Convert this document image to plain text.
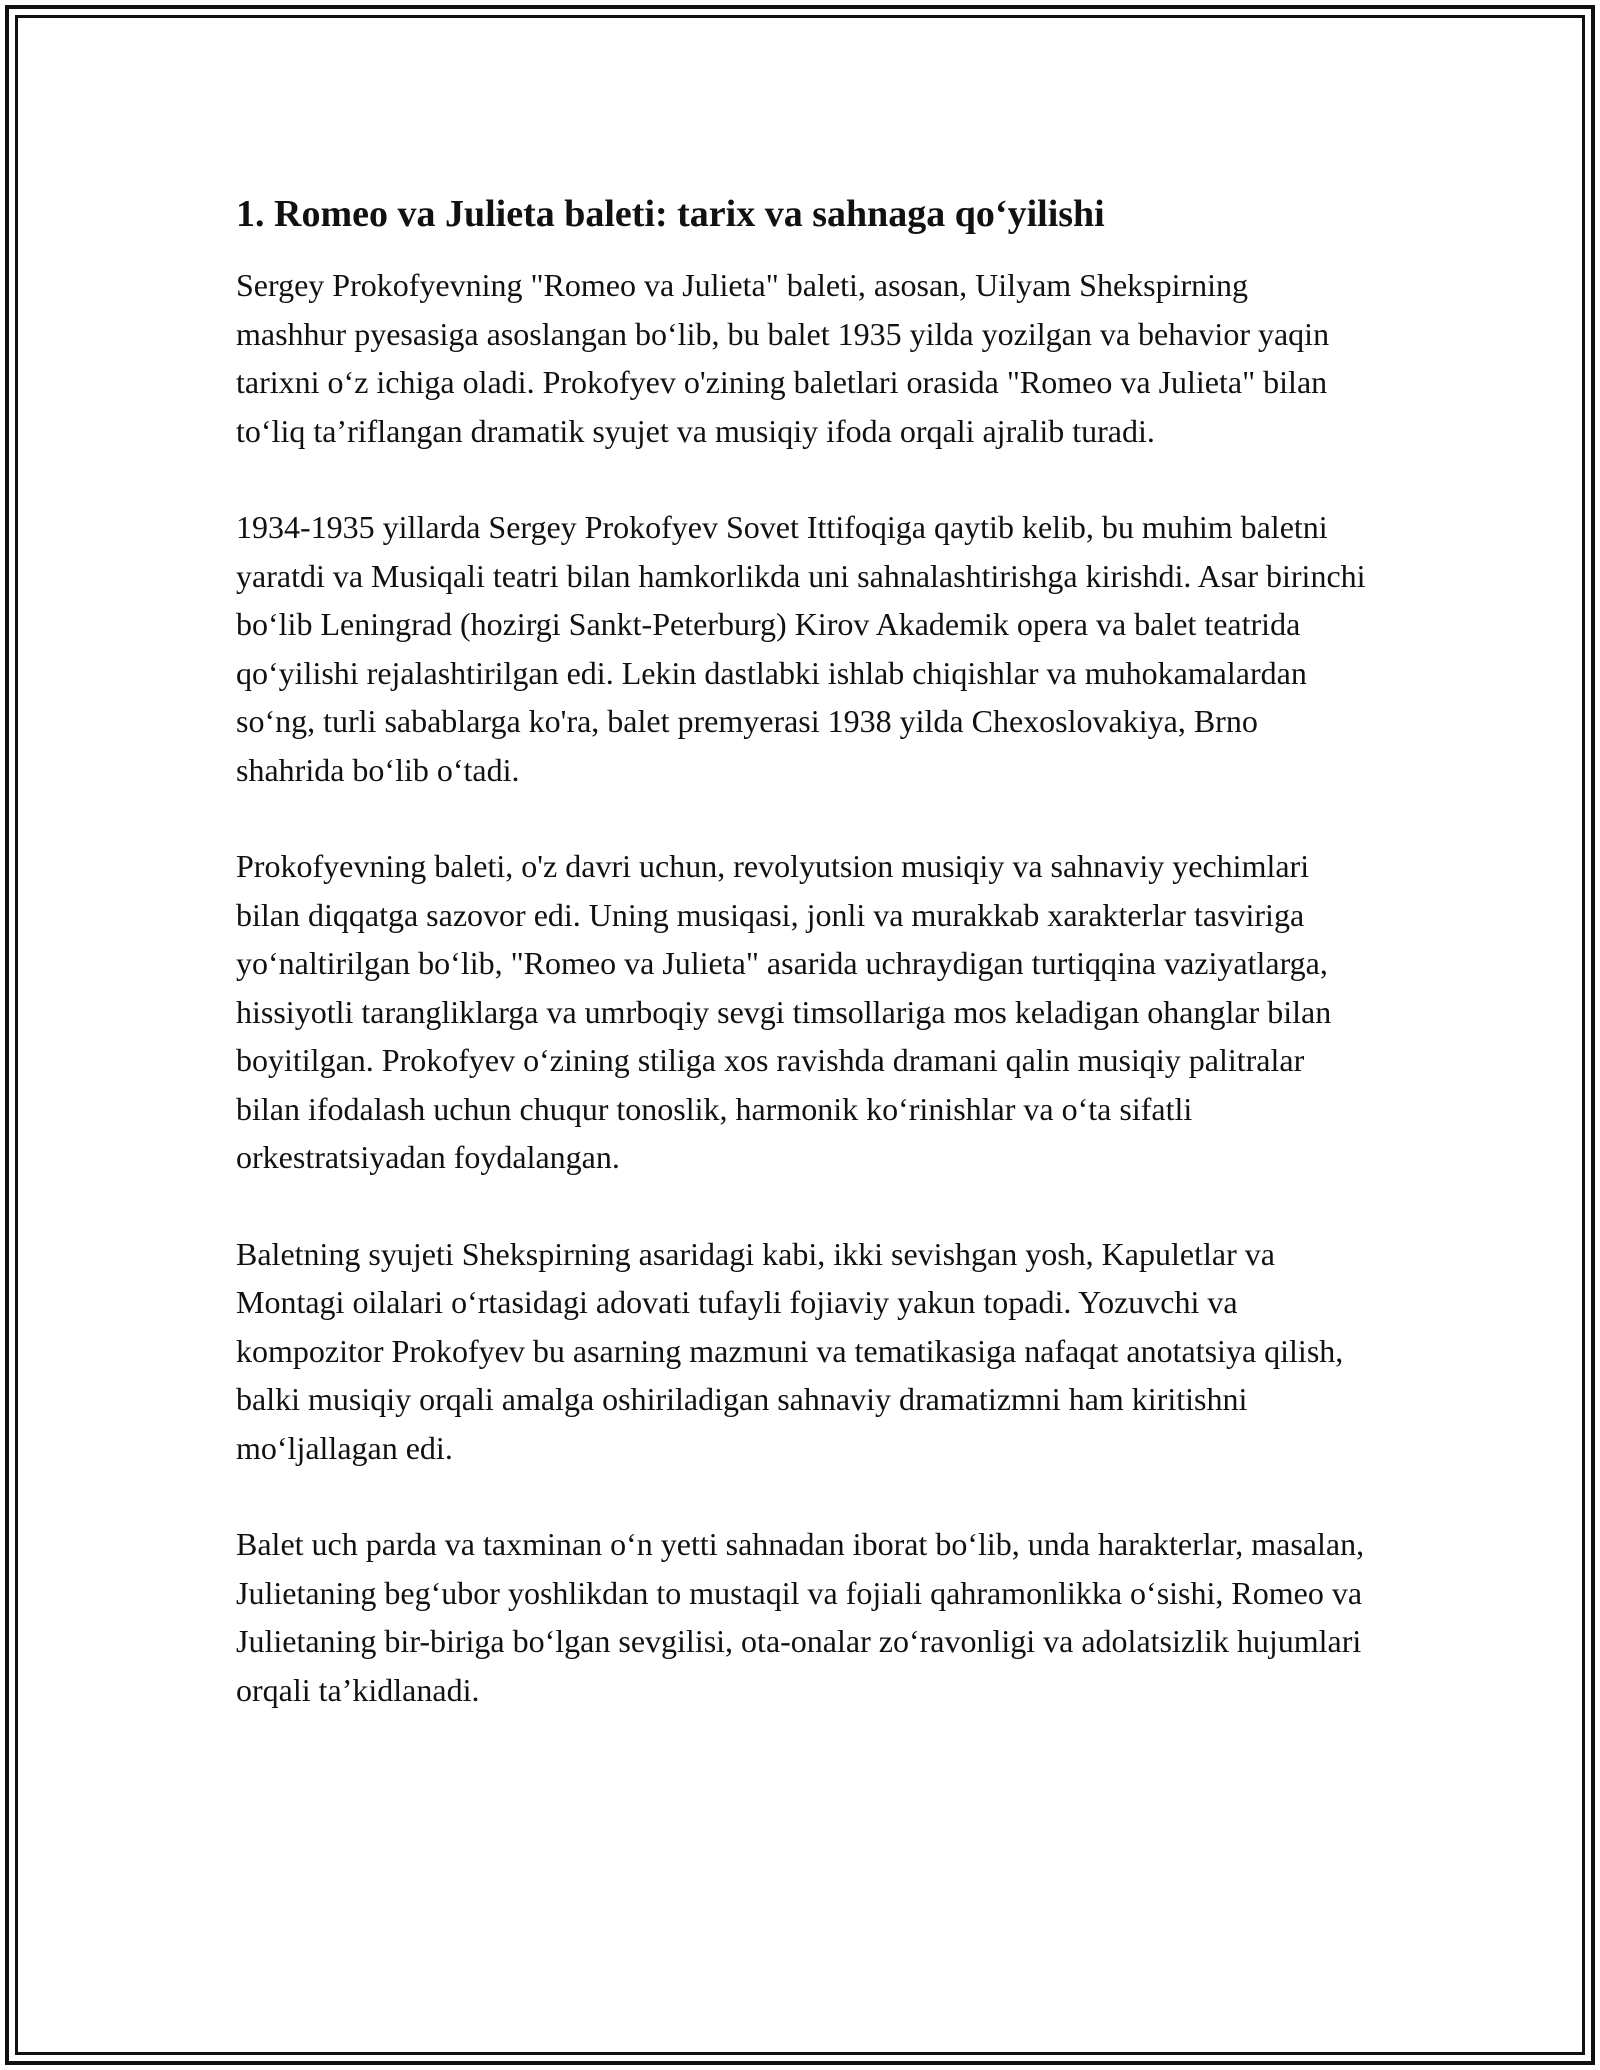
1. Romeo va Julieta baleti: tarix va sahnaga qo‘yilishi

Sergey Prokofyevning "Romeo va Julieta" baleti, asosan, Uilyam Shekspirning mashhur pyesasiga asoslangan bo‘lib, bu balet 1935 yilda yozilgan va behavior yaqin tarixni o‘z ichiga oladi. Prokofyev o'zining baletlari orasida "Romeo va Julieta" bilan to‘liq ta’riflangan dramatik syujet va musiqiy ifoda orqali ajralib turadi.

1934-1935 yillarda Sergey Prokofyev Sovet Ittifoqiga qaytib kelib, bu muhim baletni yaratdi va Musiqali teatri bilan hamkorlikda uni sahnalashtirishga kirishdi. Asar birinchi bo‘lib Leningrad (hozirgi Sankt-Peterburg) Kirov Akademik opera va balet teatrida qo‘yilishi rejalashtirilgan edi. Lekin dastlabki ishlab chiqishlar va muhokamalardan so‘ng, turli sabablarga ko'ra, balet premyerasi 1938 yilda Chexoslovakiya, Brno shahrida bo‘lib o‘tadi.

Prokofyevning baleti, o'z davri uchun, revolyutsion musiqiy va sahnaviy yechimlari bilan diqqatga sazovor edi. Uning musiqasi, jonli va murakkab xarakterlar tasviriga yo‘naltirilgan bo‘lib, "Romeo va Julieta" asarida uchraydigan turtiqqina vaziyatlarga, hissiyotli tarangliklarga va umrboqiy sevgi timsollariga mos keladigan ohanglar bilan boyitilgan. Prokofyev o‘zining stiliga xos ravishda dramani qalin musiqiy palitralar bilan ifodalash uchun chuqur tonoslik, harmonik ko‘rinishlar va o‘ta sifatli orkestratsiyadan foydalangan.

Baletning syujeti Shekspirning asaridagi kabi, ikki sevishgan yosh, Kapuletlar va Montagi oilalari o‘rtasidagi adovati tufayli fojiaviy yakun topadi. Yozuvchi va kompozitor Prokofyev bu asarning mazmuni va tematikasiga nafaqat anotatsiya qilish, balki musiqiy orqali amalga oshiriladigan sahnaviy dramatizmni ham kiritishni mo‘ljallagan edi.

Balet uch parda va taxminan o‘n yetti sahnadan iborat bo‘lib, unda harakterlar, masalan, Julietaning beg‘ubor yoshlikdan to mustaqil va fojiali qahramonlikka o‘sishi, Romeo va Julietaning bir-biriga bo‘lgan sevgilisi, ota-onalar zo‘ravonligi va adolatsizlik hujumlari orqali ta’kidlanadi.
